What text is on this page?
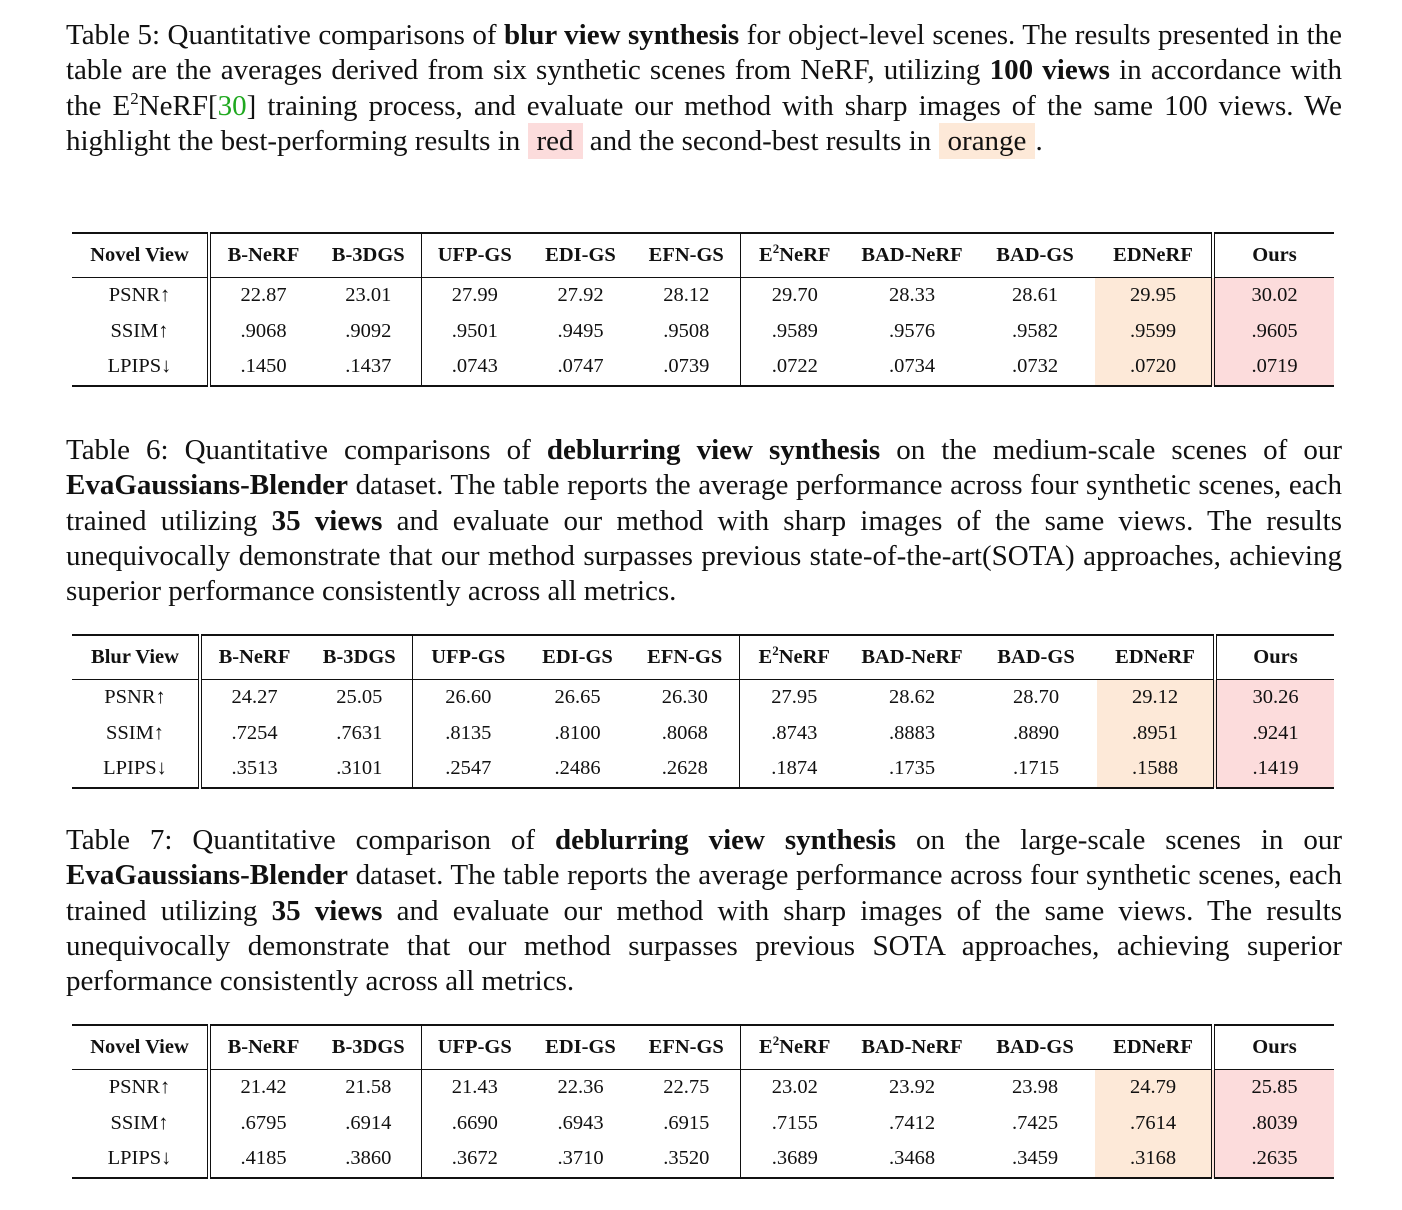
Table 5: Quantitative comparisons of blur view synthesis for object-level scenes. The results presented in the table are the averages derived from six synthetic scenes from NeRF, utilizing 100 views in accordance with the $E^2NeRF[30]$ training process, and evaluate our method with sharp images of the same 100 views. We highlight the best-performing results in red and the second-best results in orange .
Novel View	B-NeRF	B-3DGS	UFP-GS	EDI-GS	EFN-GS	$E^2NeRF$	BAD-NeRF	BAD-GS	EDNeRF	Ours
PSNR↑	22.87	23.01	27.99	27.92	28.12	29.70	28.33	28.61	29.95	30.02
SSIM↑	.9068	.9092	.9501	.9495	.9508	.9589	.9576	.9582	.9599	.9605
LPIPS↓	.1450	.1437	.0743	.0747	.0739	.0722	.0734	.0732	.0720	.0719
Table 6: Quantitative comparisons of deblurring view synthesis on the medium-scale scenes of our EvaGaussians-Blender dataset. The table reports the average performance across four synthetic scenes, each trained utilizing 35 views and evaluate our method with sharp images of the same views. The results unequivocally demonstrate that our method surpasses previous state-of-the-art(SOTA) approaches, achieving superior performance consistently across all metrics.
Blur View	B-NeRF	B-3DGS	UFP-GS	EDI-GS	EFN-GS	$E^2NeRF$	BAD-NeRF	BAD-GS	EDNeRF	Ours
PSNR↑	24.27	25.05	26.60	26.65	26.30	27.95	28.62	28.70	29.12	30.26
SSIM↑	.7254	.7631	.8135	.8100	.8068	.8743	.8883	.8890	.8951	.9241
LPIPS↓	.3513	.3101	.2547	.2486	.2628	.1874	.1735	.1715	.1588	.1419
Table 7: Quantitative comparison of deblurring view synthesis on the large-scale scenes in our EvaGaussians-Blender dataset. The table reports the average performance across four synthetic scenes, each trained utilizing 35 views and evaluate our method with sharp images of the same views. The results unequivocally demonstrate that our method surpasses previous SOTA approaches, achieving superior performance consistently across all metrics.
Novel View	B-NeRF	B-3DGS	UFP-GS	EDI-GS	EFN-GS	$E^2NeRF$	BAD-NeRF	BAD-GS	EDNeRF	Ours
PSNR↑	21.42	21.58	21.43	22.36	22.75	23.02	23.92	23.98	24.79	25.85
SSIM↑	.6795	.6914	.6690	.6943	.6915	.7155	.7412	.7425	.7614	.8039
LPIPS↓	.4185	.3860	.3672	.3710	.3520	.3689	.3468	.3459	.3168	.2635
